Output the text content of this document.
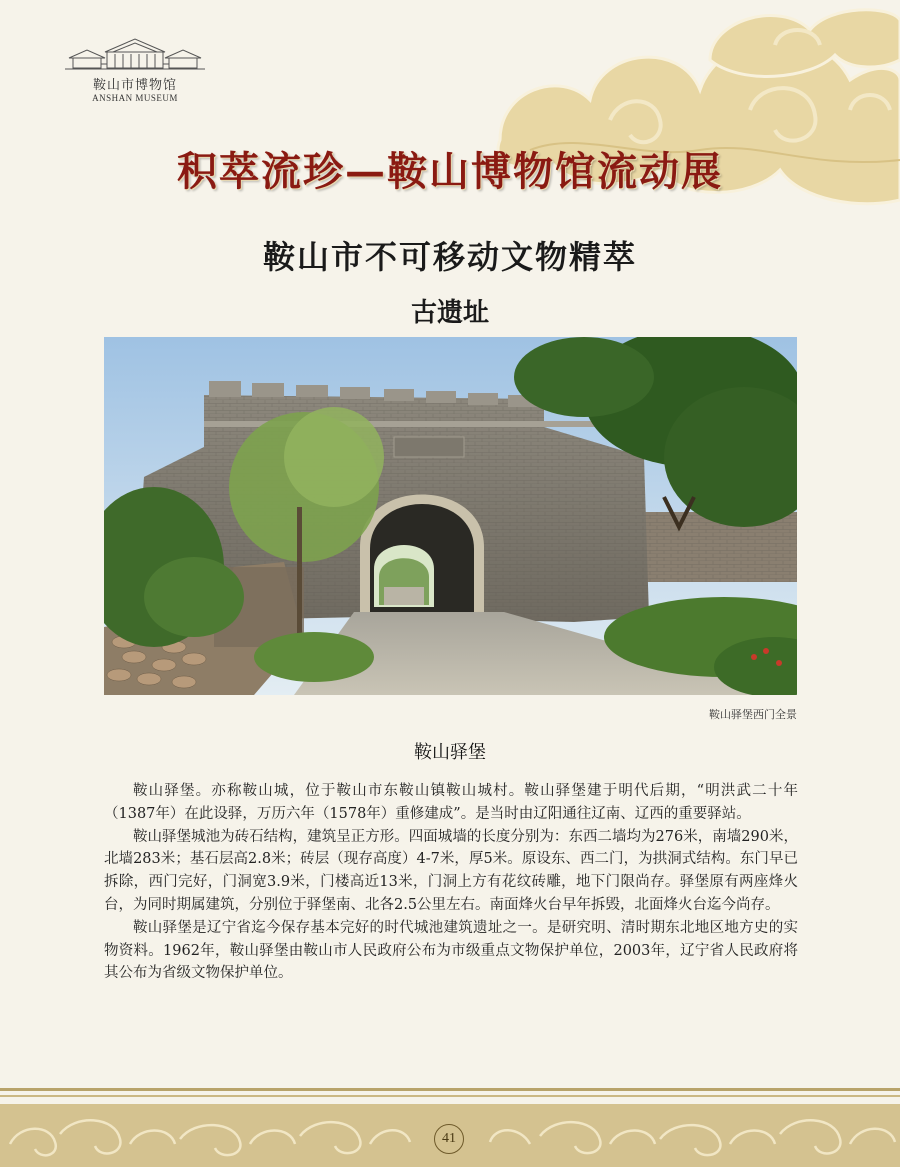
鞍山市博物馆
ANSHAN MUSEUM
积萃流珍—鞍山博物馆流动展
鞍山市不可移动文物精萃
古遗址
鞍山驿堡西门全景
鞍山驿堡

鞍山驿堡。亦称鞍山城，位于鞍山市东鞍山镇鞍山城村。鞍山驿堡建于明代后期，“明洪武二十年（1387年）在此设驿，万历六年（1578年）重修建成”。是当时由辽阳通往辽南、辽西的重要驿站。

鞍山驿堡城池为砖石结构，建筑呈正方形。四面城墙的长度分别为：东西二墙均为276米，南墙290米，北墙283米；基石层高2.8米；砖层（现存高度）4-7米，厚5米。原设东、西二门，为拱洞式结构。东门早已拆除，西门完好，门洞宽3.9米，门楼高近13米，门洞上方有花纹砖雕，地下门限尚存。驿堡原有两座烽火台，为同时期属建筑，分别位于驿堡南、北各2.5公里左右。南面烽火台早年拆毁，北面烽火台迄今尚存。

鞍山驿堡是辽宁省迄今保存基本完好的时代城池建筑遗址之一。是研究明、清时期东北地区地方史的实物资料。1962年，鞍山驿堡由鞍山市人民政府公布为市级重点文物保护单位，2003年，辽宁省人民政府将其公布为省级文物保护单位。

41
